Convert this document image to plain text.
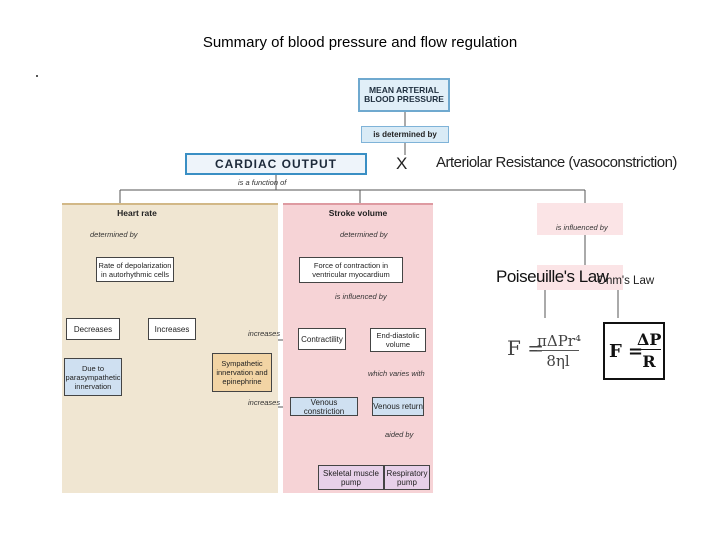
Summary of blood pressure and flow regulation
MEAN ARTERIAL BLOOD PRESSURE
is determined by
CARDIAC OUTPUT	X Arteriolar Resistance (vasoconstriction)
is a function of
Heart rate
determined by
Rate of depolarization in autorhythmic cells
Decreases	Increases
Due to parasympathetic innervation
Stroke volume
determined by
Force of contraction in ventricular myocardium
is influenced by
Contractility	End-diastolic volume
which varies with
Venous return
aided by
Skeletal muscle pump
Respiratory pump
Sympathetic innervation and epinephrine
increases
increases	Venous constriction
is influenced by
Poiseuille's Law
Ohm's Law
F =
πΔPr⁴
8ηl	F =
ΔP
R
